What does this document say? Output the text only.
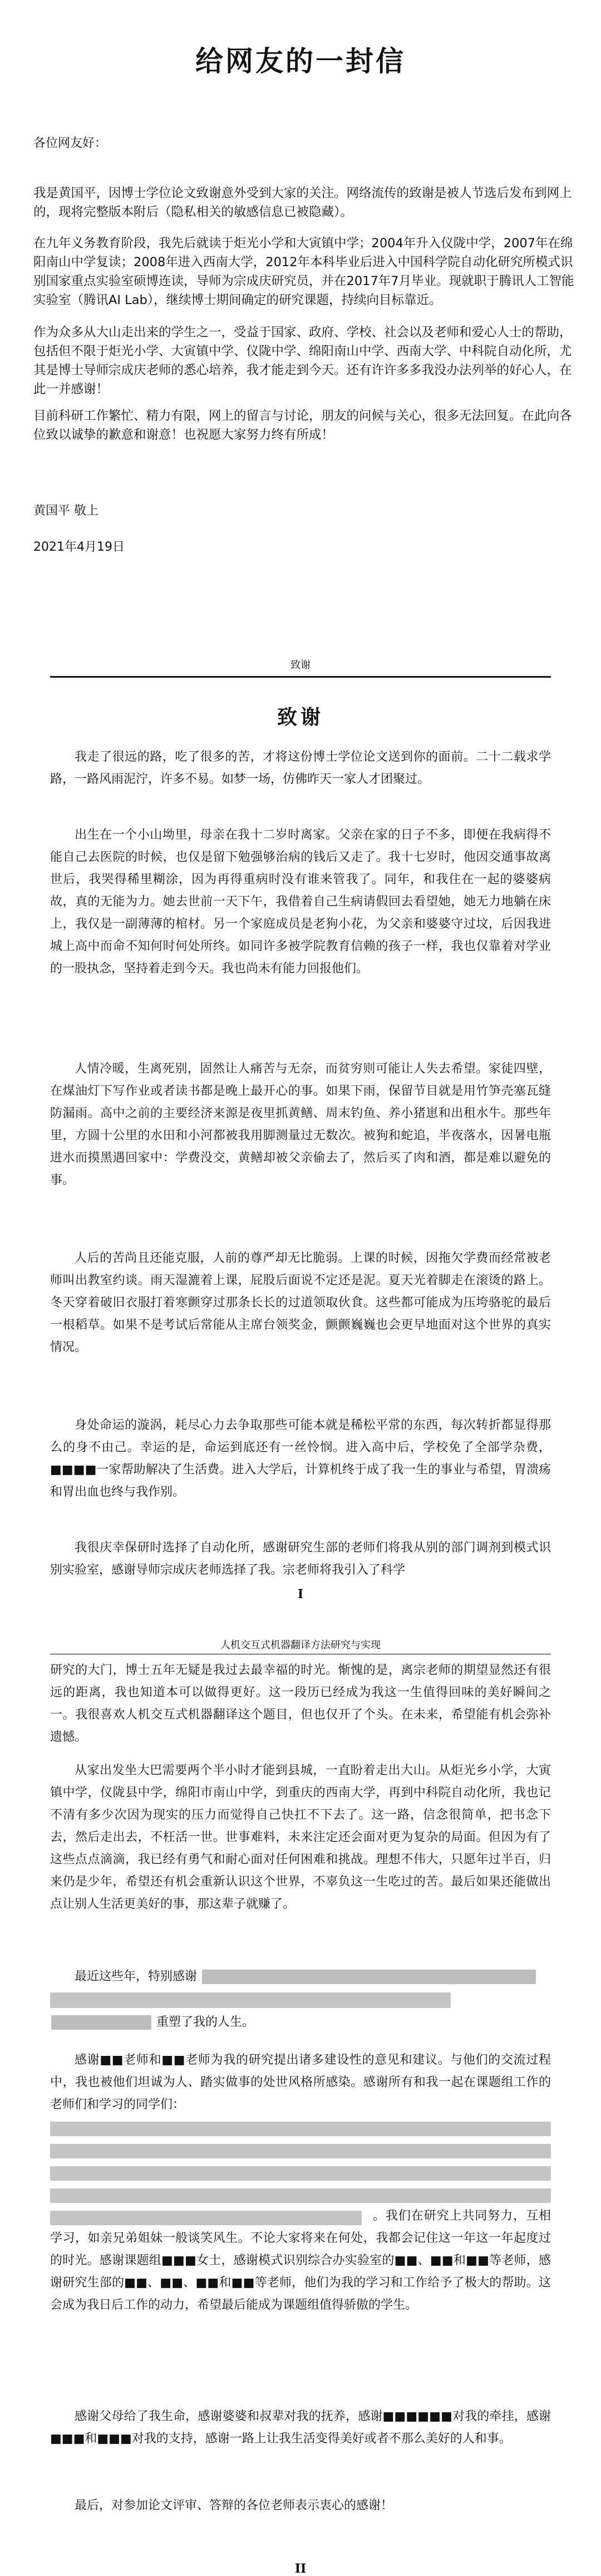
给网友的一封信
各位网友好：
我是黄国平，因博士学位论文致谢意外受到大家的关注。网络流传的致谢是被人节选后发布到网上的，现将完整版本附后（隐私相关的敏感信息已被隐藏）。
在九年义务教育阶段，我先后就读于炬光小学和大寅镇中学；2004年升入仪陇中学，2007年在绵阳南山中学复读；2008年进入西南大学，2012年本科毕业后进入中国科学院自动化研究所模式识别国家重点实验室硕博连读，导师为宗成庆研究员，并在2017年7月毕业。现就职于腾讯人工智能实验室（腾讯AI Lab），继续博士期间确定的研究课题，持续向目标靠近。
作为众多从大山走出来的学生之一，受益于国家、政府、学校、社会以及老师和爱心人士的帮助，包括但不限于炬光小学、大寅镇中学、仪陇中学、绵阳南山中学、西南大学、中科院自动化所，尤其是博士导师宗成庆老师的悉心培养，我才能走到今天。还有许许多多我没办法列举的好心人，在此一并感谢！
目前科研工作繁忙、精力有限，网上的留言与讨论，朋友的问候与关心，很多无法回复。在此向各位致以诚挚的歉意和谢意！也祝愿大家努力终有所成！
黄国平 敬上
2021年4月19日
致谢
致谢
我走了很远的路，吃了很多的苦，才将这份博士学位论文送到你的面前。二十二载求学路，一路风雨泥泞，许多不易。如梦一场，仿佛昨天一家人才团聚过。
出生在一个小山坳里，母亲在我十二岁时离家。父亲在家的日子不多，即便在我病得不能自己去医院的时候，也仅是留下勉强够治病的钱后又走了。我十七岁时，他因交通事故离世后，我哭得稀里糊涂，因为再得重病时没有谁来管我了。同年，和我住在一起的婆婆病故，真的无能为力。她去世前一天下午，我借着自己生病请假回去看望她，她无力地躺在床上，我仅是一副薄薄的棺材。另一个家庭成员是老狗小花，为父亲和婆婆守过坟，后因我进城上高中而命不知何时何处所终。如同许多被学院教育信赖的孩子一样，我也仅靠着对学业的一股执念，坚持着走到今天。我也尚未有能力回报他们。
人情冷暖，生离死别，固然让人痛苦与无奈，而贫穷则可能让人失去希望。家徒四壁，在煤油灯下写作业或者读书都是晚上最开心的事。如果下雨，保留节目就是用竹笋壳塞瓦缝防漏雨。高中之前的主要经济来源是夜里抓黄鳝、周末钓鱼、养小猪崽和出租水牛。那些年里，方圆十公里的水田和小河都被我用脚测量过无数次。被狗和蛇追，半夜落水，因暑电瓶进水而摸黑遇回家中：学费没交，黄鳝却被父亲偷去了，然后买了肉和酒，都是难以避免的事。
人后的苦尚且还能克服，人前的尊严却无比脆弱。上课的时候，因拖欠学费而经常被老师叫出教室约谈。雨天湿漉着上课，屁股后面说不定还是泥。夏天光着脚走在滚烫的路上。冬天穿着破旧衣服打着寒颤穿过那条长长的过道领取伙食。这些都可能成为压垮骆驼的最后一根稻草。如果不是考试后常能从主席台领奖金，颤颤巍巍也会更早地面对这个世界的真实情况。
身处命运的漩涡，耗尽心力去争取那些可能本就是稀松平常的东西，每次转折都显得那么的身不由己。幸运的是，命运到底还有一丝怜悯。进入高中后，学校免了全部学杂费，■■■■一家帮助解决了生活费。进入大学后，计算机终于成了我一生的事业与希望，胃溃疡和胃出血也终与我作别。
我很庆幸保研时选择了自动化所，感谢研究生部的老师们将我从别的部门调剂到模式识别实验室，感谢导师宗成庆老师选择了我。宗老师将我引入了科学
I
人机交互式机器翻译方法研究与实现
研究的大门，博士五年无疑是我过去最幸福的时光。惭愧的是，离宗老师的期望显然还有很远的距离，我也知道本可以做得更好。这一段历已经成为我这一生值得回味的美好瞬间之一。我很喜欢人机交互式机器翻译这个题目，但也仅开了个头。在未来，希望能有机会弥补遗憾。
从家出发坐大巴需要两个半小时才能到县城，一直盼着走出大山。从炬光乡小学，大寅镇中学，仪陇县中学，绵阳市南山中学，到重庆的西南大学，再到中科院自动化所，我也记不清有多少次因为现实的压力而觉得自己快扛不下去了。这一路，信念很简单，把书念下去，然后走出去，不枉活一世。世事难料，未来注定还会面对更为复杂的局面。但因为有了这些点点滴滴，我已经有勇气和耐心面对任何困难和挑战。理想不伟大，只愿年过半百，归来仍是少年，希望还有机会重新认识这个世界，不辜负这一生吃过的苦。最后如果还能做出点让别人生活更美好的事，那这辈子就赚了。
最近这些年，特别感谢
重塑了我的人生。
感谢■■老师和■■老师为我的研究提出诸多建设性的意见和建议。与他们的交流过程中，我也被他们坦诚为人、踏实做事的处世风格所感染。感谢所有和我一起在课题组工作的老师们和学习的同学们：
。我们在研究上共同努力，互相学习，如亲兄弟姐妹一般谈笑风生。不论大家将来在何处，我都会记住这一年这一年起度过的时光。感谢课题组■■■女士，感谢模式识别综合办实验室的■■、■■和■■等老师，感谢研究生部的■■、■■、■■和■■等老师，他们为我的学习和工作给予了极大的帮助。这会成为我日后工作的动力，希望最后能成为课题组值得骄傲的学生。
感谢父母给了我生命，感谢婆婆和叔辈对我的抚养，感谢■■■■■■对我的牵挂，感谢■■■和■■■对我的支持，感谢一路上让我生活变得美好或者不那么美好的人和事。
最后，对参加论文评审、答辩的各位老师表示衷心的感谢！
II
